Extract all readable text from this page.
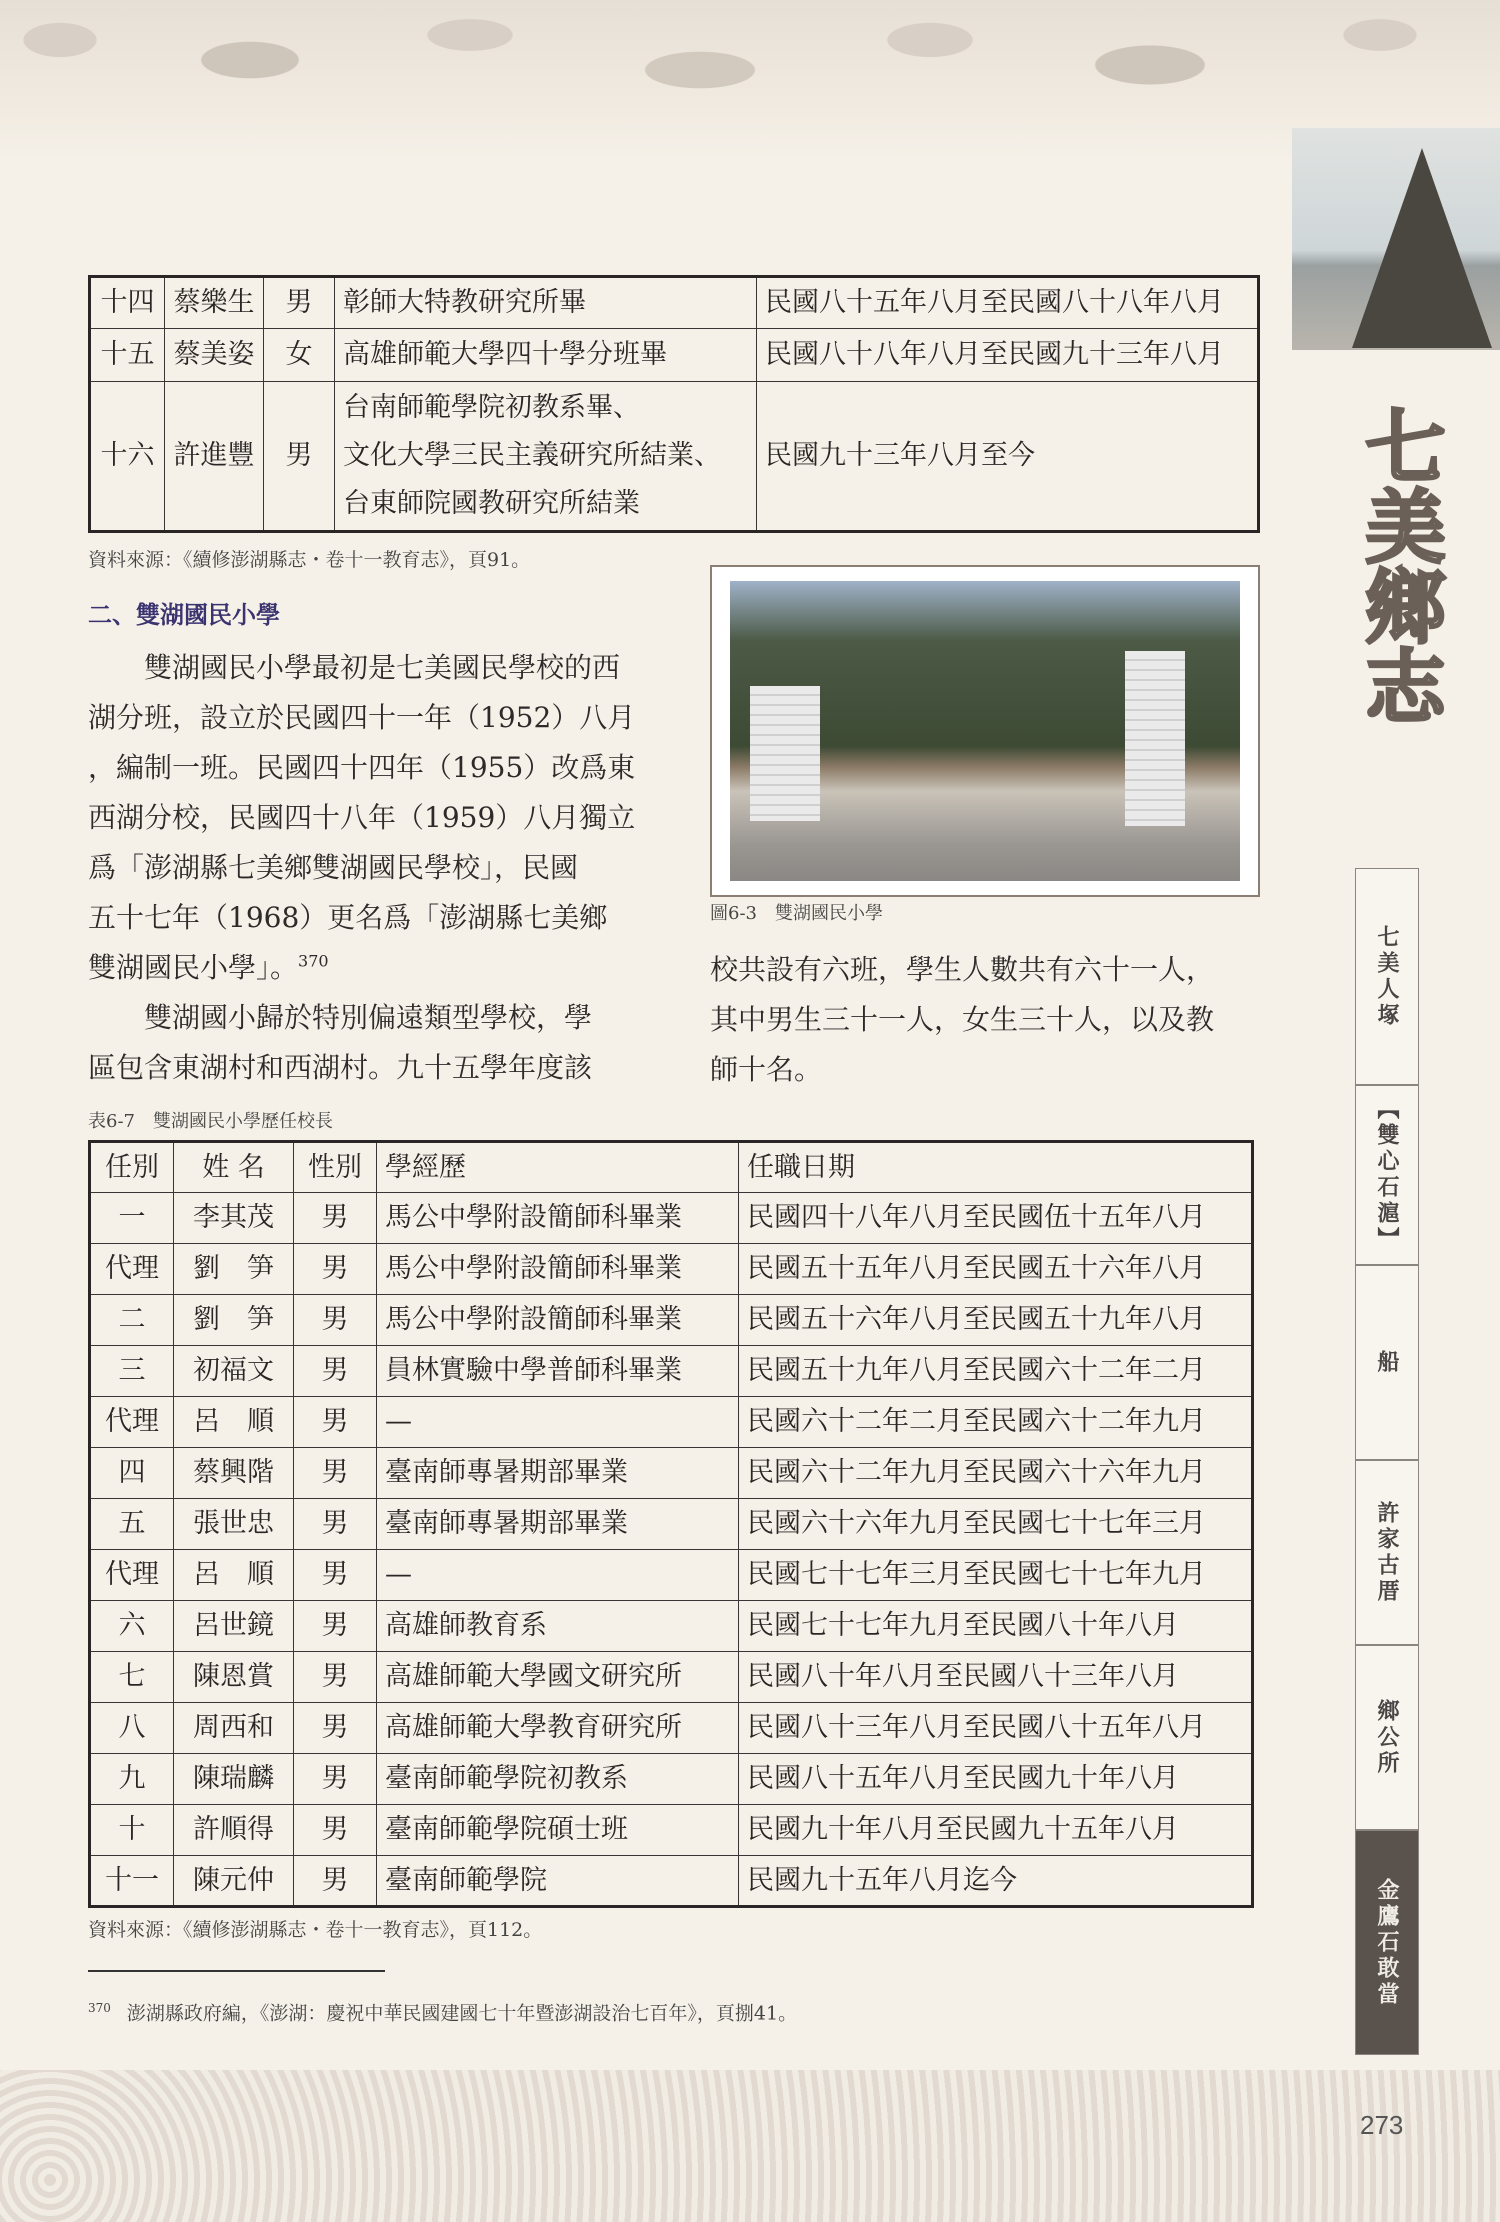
十四	蔡樂生	男	彰師大特教研究所畢	民國八十五年八月至民國八十八年八月
十五	蔡美姿	女	高雄師範大學四十學分班畢	民國八十八年八月至民國九十三年八月
十六	許進豐	男	台南師範學院初教系畢、
文化大學三民主義研究所結業、
台東師院國教研究所結業	民國九十三年八月至今
資料來源：《續修澎湖縣志・卷十一教育志》，頁91。
二、雙湖國民小學
　　雙湖國民小學最初是七美國民學校的西
湖分班，設立於民國四十一年（1952）八月
，編制一班。民國四十四年（1955）改爲東
西湖分校，民國四十八年（1959）八月獨立
爲「澎湖縣七美鄉雙湖國民學校」，民國
五十七年（1968）更名爲「澎湖縣七美鄉
雙湖國民小學」。$^{370}$
　　雙湖國小歸於特別偏遠類型學校，學
區包含東湖村和西湖村。九十五學年度該
圖6-3　雙湖國民小學
校共設有六班，學生人數共有六十一人，
其中男生三十一人，女生三十人，以及教
師十名。
表6-7　雙湖國民小學歷任校長
任別	姓 名	性別	學經歷	任職日期
一	李其茂	男	馬公中學附設簡師科畢業	民國四十八年八月至民國伍十五年八月
代理	劉　笋	男	馬公中學附設簡師科畢業	民國五十五年八月至民國五十六年八月
二	劉　笋	男	馬公中學附設簡師科畢業	民國五十六年八月至民國五十九年八月
三	初福文	男	員林實驗中學普師科畢業	民國五十九年八月至民國六十二年二月
代理	呂　順	男	—	民國六十二年二月至民國六十二年九月
四	蔡興階	男	臺南師專暑期部畢業	民國六十二年九月至民國六十六年九月
五	張世忠	男	臺南師專暑期部畢業	民國六十六年九月至民國七十七年三月
代理	呂　順	男	—	民國七十七年三月至民國七十七年九月
六	呂世鏡	男	高雄師教育系	民國七十七年九月至民國八十年八月
七	陳恩賞	男	高雄師範大學國文研究所	民國八十年八月至民國八十三年八月
八	周西和	男	高雄師範大學教育研究所	民國八十三年八月至民國八十五年八月
九	陳瑞麟	男	臺南師範學院初教系	民國八十五年八月至民國九十年八月
十	許順得	男	臺南師範學院碩士班	民國九十年八月至民國九十五年八月
十一	陳元仲	男	臺南師範學院	民國九十五年八月迄今
資料來源：《續修澎湖縣志・卷十一教育志》，頁112。
$^{370}$ 澎湖縣政府編，《澎湖：慶祝中華民國建國七十年暨澎湖設治七百年》，頁捌41。
七美鄉志
七美人塚
【雙心石滬】
船
許家古厝
鄉公所
金鷹石敢當
273
